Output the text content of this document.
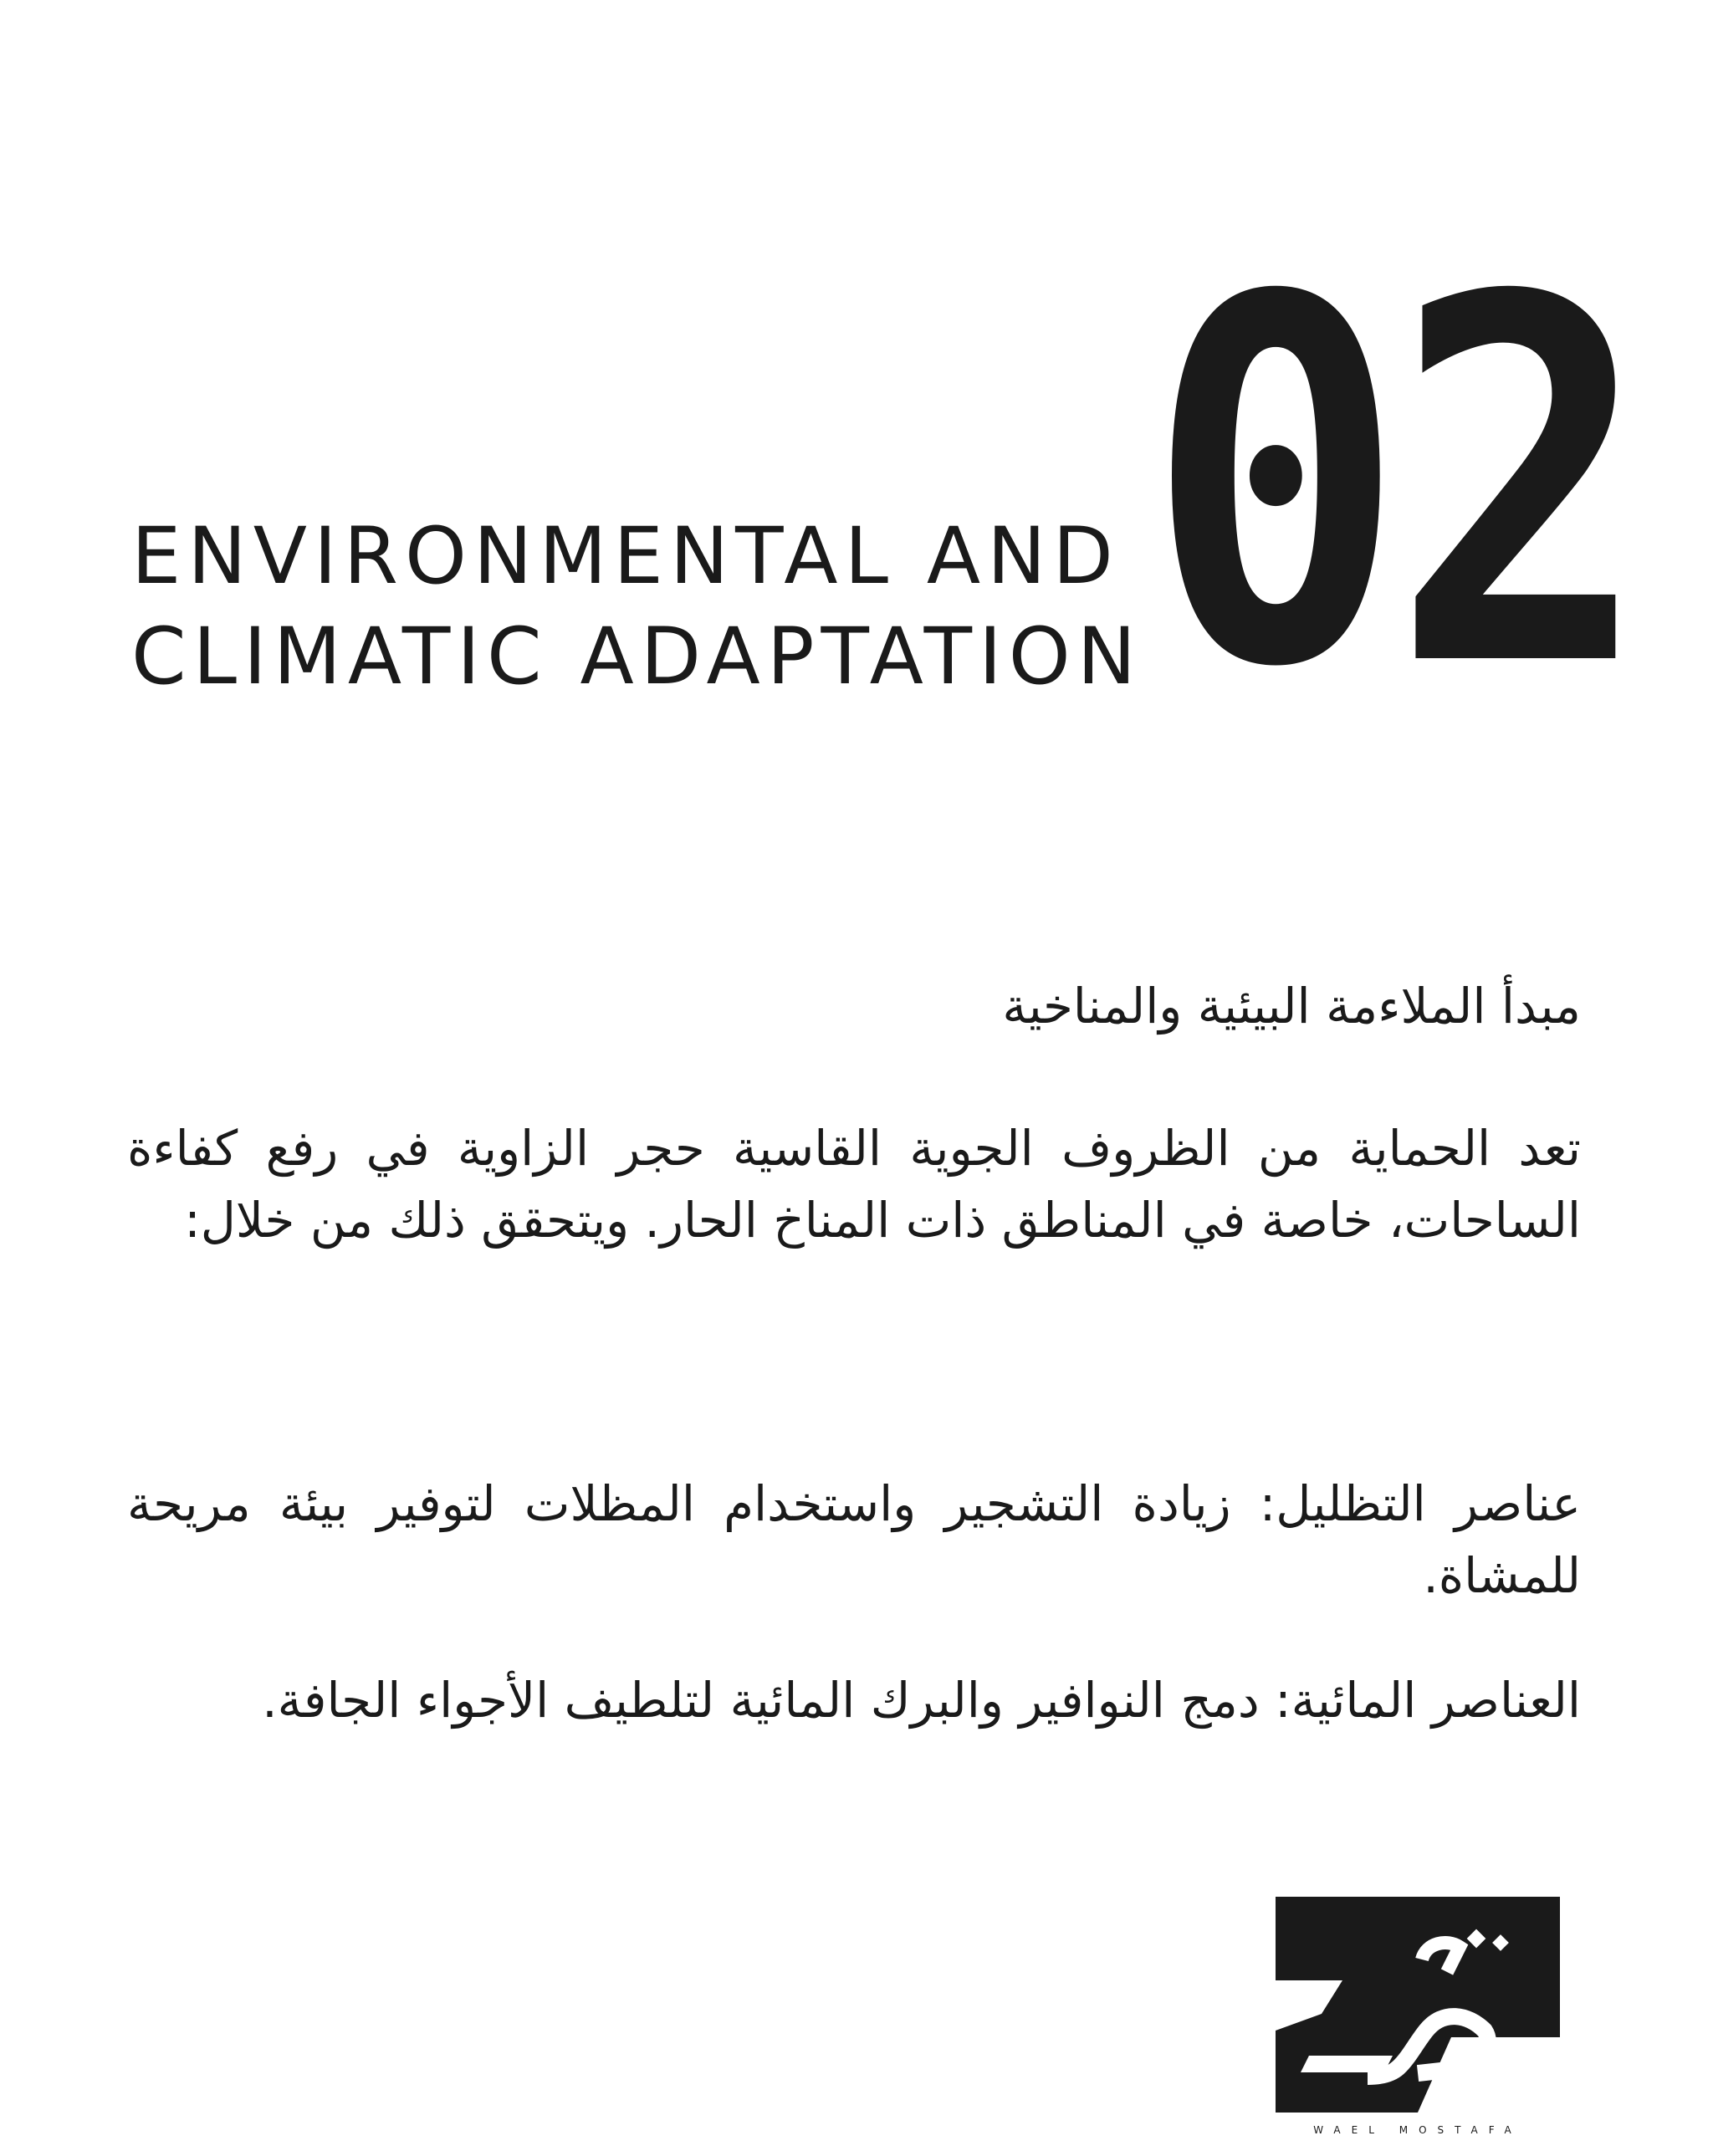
02
ENVIRONMENTAL AND
CLIMATIC ADAPTATION

مبدأ الملاءمة البيئية والمناخية

تعد الحماية من الظروف الجوية القاسية حجر الزاوية في رفع كفاءة الساحات، خاصة في المناطق ذات المناخ الحار. ويتحقق ذلك من خلال:

عناصر التظليل: زيادة التشجير واستخدام المظلات لتوفير بيئة مريحة للمشاة.

العناصر المائية: دمج النوافير والبرك المائية لتلطيف الأجواء الجافة.

WAEL MOSTAFA
